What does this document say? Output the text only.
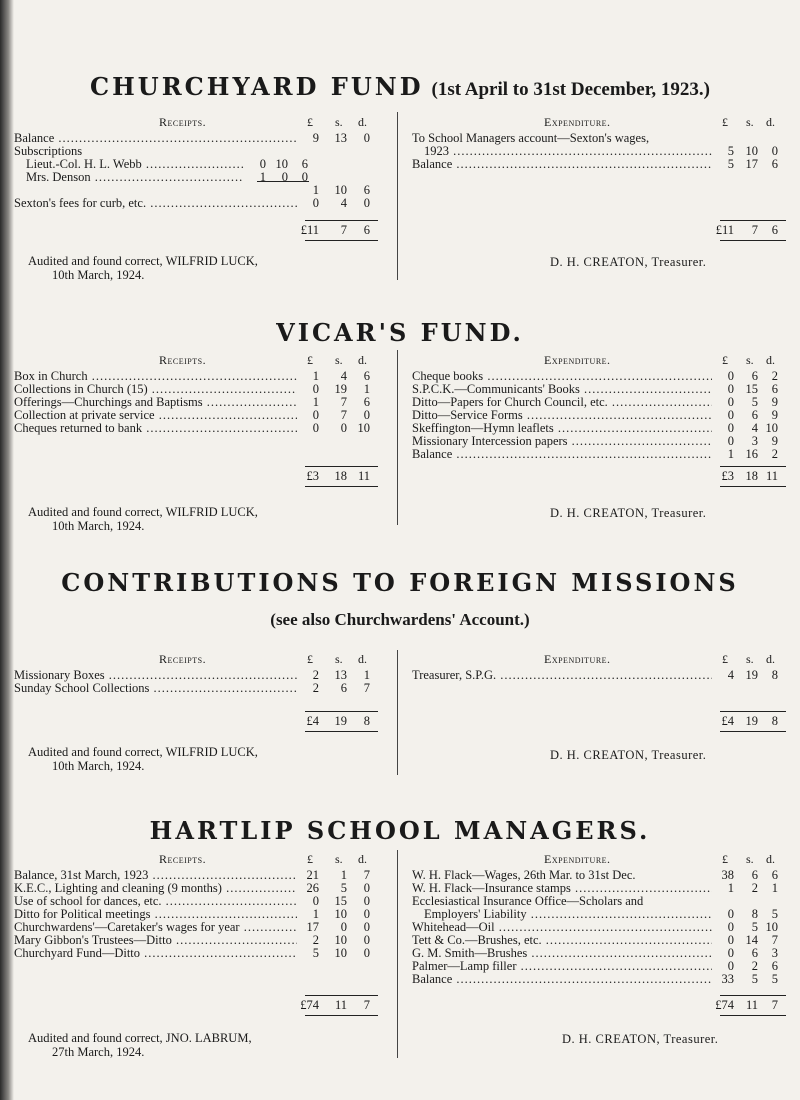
CHURCHYARD FUND (1st April to 31st December, 1923.)
Receipts.	£ s. d.
Balance .....	9 13 0
Subscriptions
Lieut.-Col. H. L. Webb .....	0 10 6
Mrs. Denson .....	1 0 0
1 10 6
Sexton's fees for curb, etc. .....	0 4 0
£11 7 6
Expenditure.	£ s. d.
To School Managers account—Sexton's wages,
1923 .....	5 10 0
Balance .....	5 17 6
£11 7 6
Audited and found correct, WILFRID LUCK,
10th March, 1924.
D. H. CREATON, Treasurer.
VICAR'S FUND.
Receipts.	£ s. d.
Box in Church .....	1 4 6
Collections in Church (15) .....	0 19 1
Offerings—Churchings and Baptisms .....	1 7 6
Collection at private service .....	0 7 0
Cheques returned to bank .....	0 0 10
£3 18 11
Expenditure.	£ s. d.
Cheque books .....	0 6 2
S.P.C.K.—Communicants' Books .....	0 15 6
Ditto—Papers for Church Council, etc. .....	0 5 9
Ditto—Service Forms .....	0 6 9
Skeffington—Hymn leaflets .....	0 4 10
Missionary Intercession papers .....	0 3 9
Balance .....	1 16 2
£3 18 11
Audited and found correct, WILFRID LUCK,
10th March, 1924.
D. H. CREATON, Treasurer.
CONTRIBUTIONS TO FOREIGN MISSIONS
(see also Churchwardens' Account.)
Receipts.	£ s. d.
Missionary Boxes .....	2 13 1
Sunday School Collections .....	2 6 7
£4 19 8
Expenditure.	£ s. d.
Treasurer, S.P.G. .....	4 19 8
£4 19 8
Audited and found correct, WILFRID LUCK,
10th March, 1924.
D. H. CREATON, Treasurer.
HARTLIP SCHOOL MANAGERS.
Receipts.	£ s. d.
Balance, 31st March, 1923 .....	21 1 7
K.E.C., Lighting and cleaning (9 months) .....	26 5 0
Use of school for dances, etc. .....	0 15 0
Ditto for Political meetings .....	1 10 0
Churchwardens'—Caretaker's wages for year .....	17 0 0
Mary Gibbon's Trustees—Ditto .....	2 10 0
Churchyard Fund—Ditto .....	5 10 0
£74 11 7
Expenditure.	£ s. d.
W. H. Flack—Wages, 26th Mar. to 31st Dec.	38 6 6
W. H. Flack—Insurance stamps .....	1 2 1
Ecclesiastical Insurance Office—Scholars and
Employers' Liability .....	0 8 5
Whitehead—Oil .....	0 5 10
Tett & Co.—Brushes, etc. .....	0 14 7
G. M. Smith—Brushes .....	0 6 3
Palmer—Lamp filler .....	0 2 6
Balance .....	33 5 5
£74 11 7
Audited and found correct, JNO. LABRUM,
27th March, 1924.
D. H. CREATON, Treasurer.
